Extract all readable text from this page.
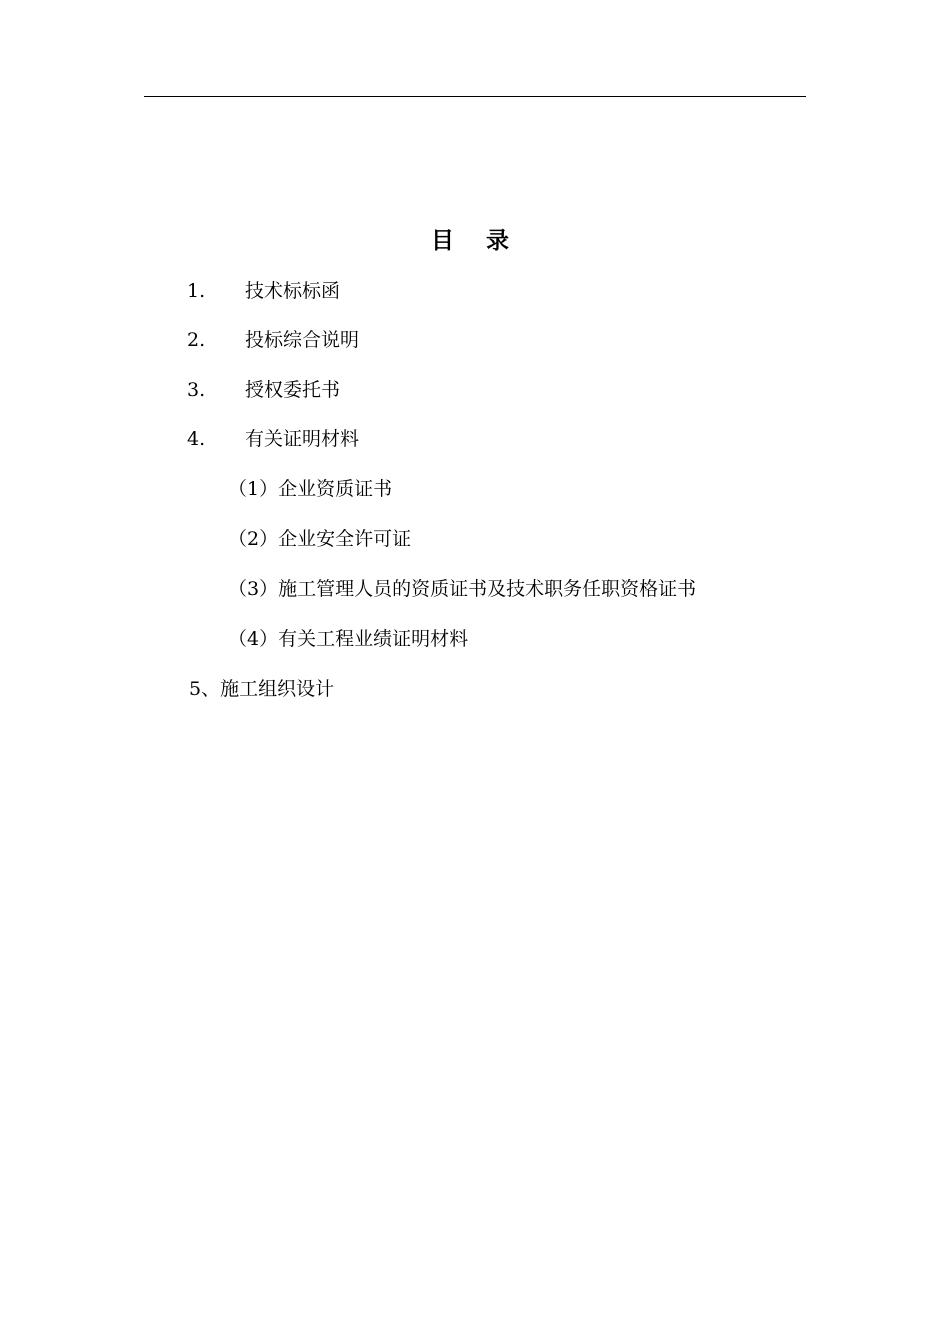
目 录
1. 技术标标函
2. 投标综合说明
3. 授权委托书
4. 有关证明材料
（1）企业资质证书
（2）企业安全许可证
（3）施工管理人员的资质证书及技术职务任职资格证书
（4）有关工程业绩证明材料
5、施工组织设计
